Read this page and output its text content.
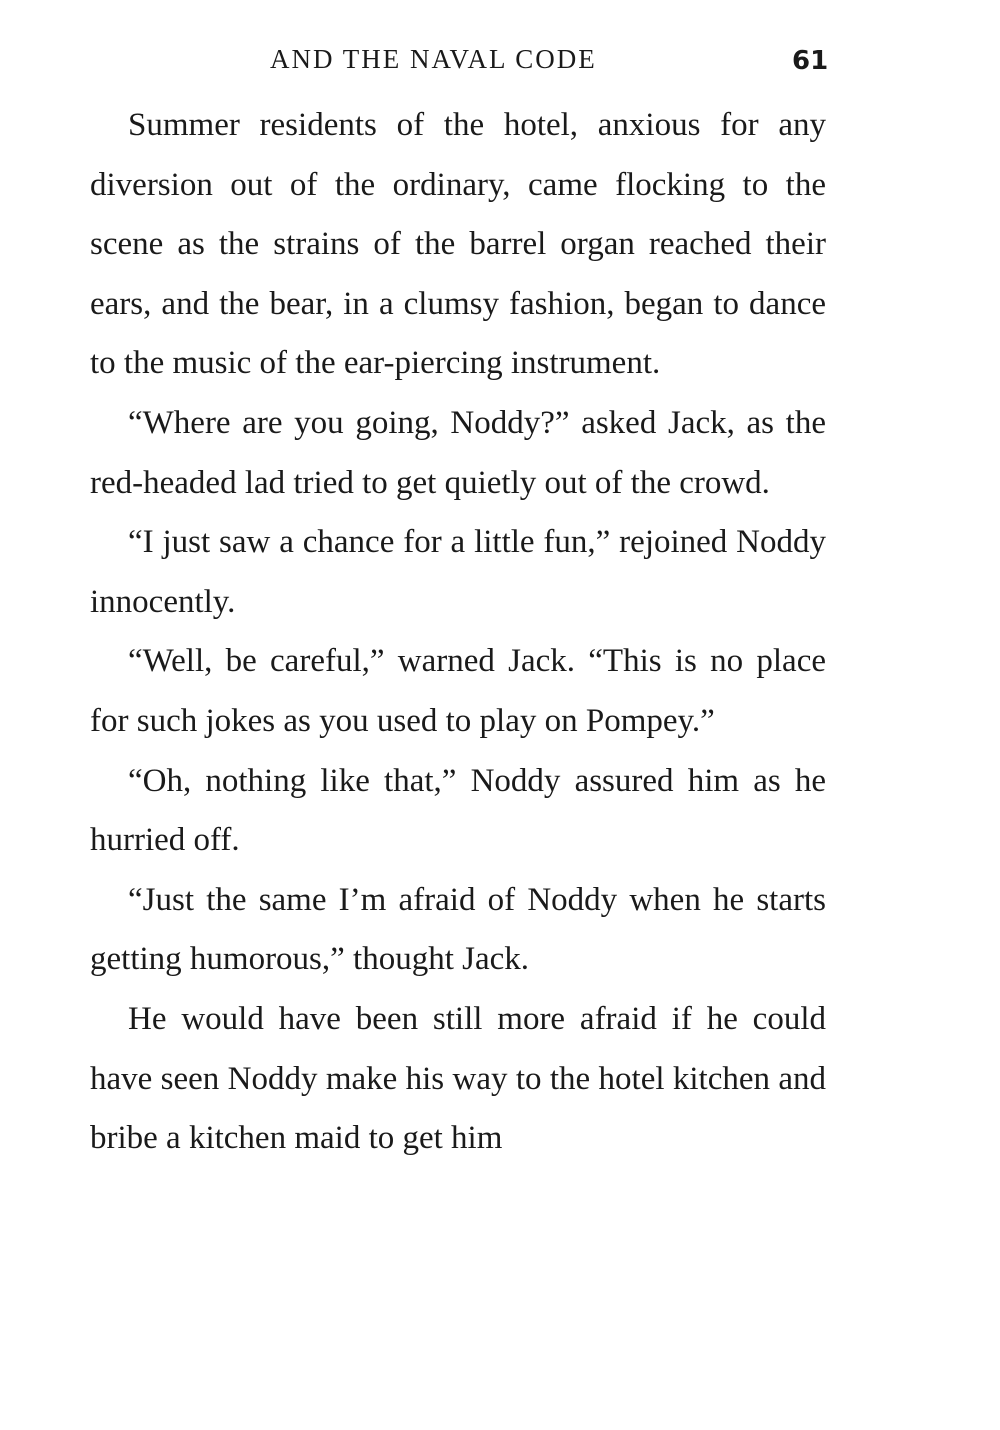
AND THE NAVAL CODE	61

Summer residents of the hotel, anxious for any diversion out of the ordinary, came flocking to the scene as the strains of the barrel organ reached their ears, and the bear, in a clumsy fashion, began to dance to the music of the ear-piercing instrument.

“Where are you going, Noddy?” asked Jack, as the red-headed lad tried to get quietly out of the crowd.

“I just saw a chance for a little fun,” rejoined Noddy innocently.

“Well, be careful,” warned Jack. “This is no place for such jokes as you used to play on Pompey.”

“Oh, nothing like that,” Noddy assured him as he hurried off.

“Just the same I’m afraid of Noddy when he starts getting humorous,” thought Jack.

He would have been still more afraid if he could have seen Noddy make his way to the hotel kitchen and bribe a kitchen maid to get him
